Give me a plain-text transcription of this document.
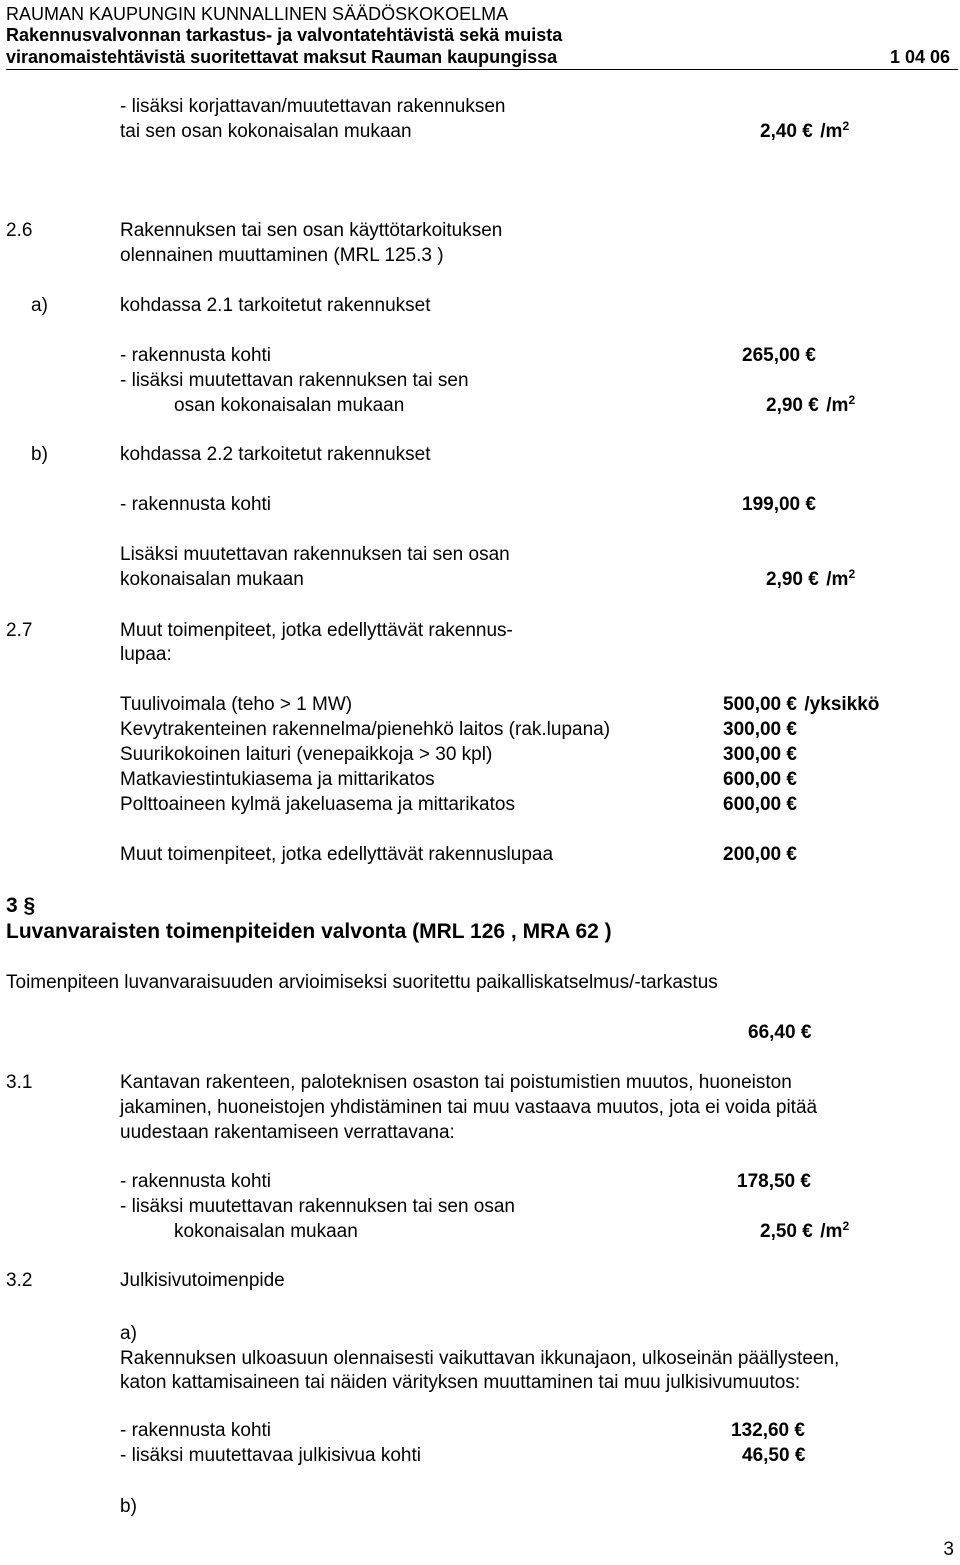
RAUMAN KAUPUNGIN KUNNALLINEN SÄÄDÖSKOKOELMA
Rakennusvalvonnan tarkastus- ja valvontatehtävistä sekä muista
viranomaistehtävistä suoritettavat maksut Rauman kaupungissa	1 04 06
- lisäksi korjattavan/muutettavan rakennuksen
tai sen osan kokonaisalan mukaan	2,40 € $/m^2$
2.6	Rakennuksen tai sen osan käyttötarkoituksen
olennainen muuttaminen (MRL 125.3 )
a)	kohdassa 2.1 tarkoitetut rakennukset
- rakennusta kohti	265,00 €
- lisäksi muutettavan rakennuksen tai sen
osan kokonaisalan mukaan	2,90 € $/m^2$
b)	kohdassa 2.2 tarkoitetut rakennukset
- rakennusta kohti	199,00 €
Lisäksi muutettavan rakennuksen tai sen osan
kokonaisalan mukaan	2,90 € $/m^2$
2.7	Muut toimenpiteet, jotka edellyttävät rakennus-
lupaa:
Tuulivoimala (teho > 1 MW)	500,00 € /yksikkö
Kevytrakenteinen rakennelma/pienehkö laitos (rak.lupana)	300,00 €
Suurikokoinen laituri (venepaikkoja > 30 kpl)	300,00 €
Matkaviestintukiasema ja mittarikatos	600,00 €
Polttoaineen kylmä jakeluasema ja mittarikatos	600,00 €
Muut toimenpiteet, jotka edellyttävät rakennuslupaa	200,00 €
3 §
Luvanvaraisten toimenpiteiden valvonta (MRL 126 , MRA 62 )
Toimenpiteen luvanvaraisuuden arvioimiseksi suoritettu paikalliskatselmus/-tarkastus
66,40 €
3.1	Kantavan rakenteen, paloteknisen osaston tai poistumistien muutos, huoneiston
jakaminen, huoneistojen yhdistäminen tai muu vastaava muutos, jota ei voida pitää
uudestaan rakentamiseen verrattavana:
- rakennusta kohti	178,50 €
- lisäksi muutettavan rakennuksen tai sen osan
kokonaisalan mukaan	2,50 € $/m^2$
3.2	Julkisivutoimenpide
a)
Rakennuksen ulkoasuun olennaisesti vaikuttavan ikkunajaon, ulkoseinän päällysteen,
katon kattamisaineen tai näiden värityksen muuttaminen tai muu julkisivumuutos:
- rakennusta kohti	132,60 €
- lisäksi muutettavaa julkisivua kohti	46,50 €
b)
3
